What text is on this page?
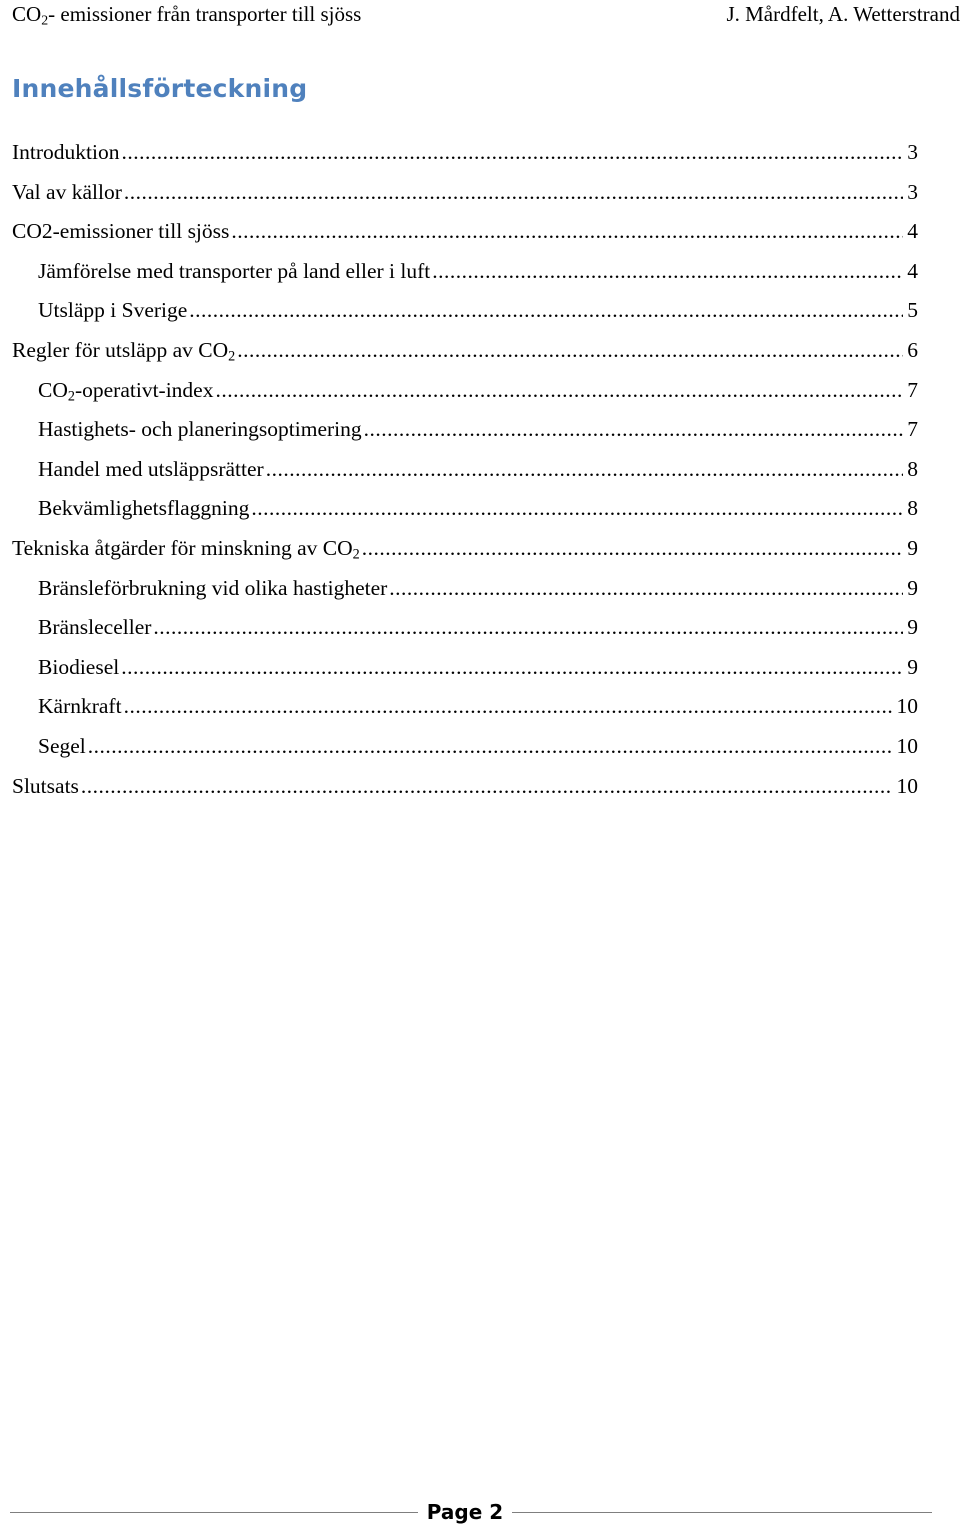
$CO_2-$ emissioner från transporter till sjöss	J. Mårdfelt, A. Wetterstrand
Innehållsförteckning
Introduktion .....	3
Val av källor .....	3
CO2-emissioner till sjöss .....	4
Jämförelse med transporter på land eller i luft .....	4
Utsläpp i Sverige .....	5
Regler för utsläpp av $CO_2$ .....	6
$CO_2-operativt$-index .....	7
Hastighets- och planeringsoptimering .....	7
Handel med utsläppsrätter .....	8
Bekvämlighetsflaggning .....	8
Tekniska åtgärder för minskning av $CO_2$ .....	9
Bränsleförbrukning vid olika hastigheter .....	9
Bränsleceller .....	9
Biodiesel .....	9
Kärnkraft .....	10
Segel .....	10
Slutsats .....	10
Page 2
